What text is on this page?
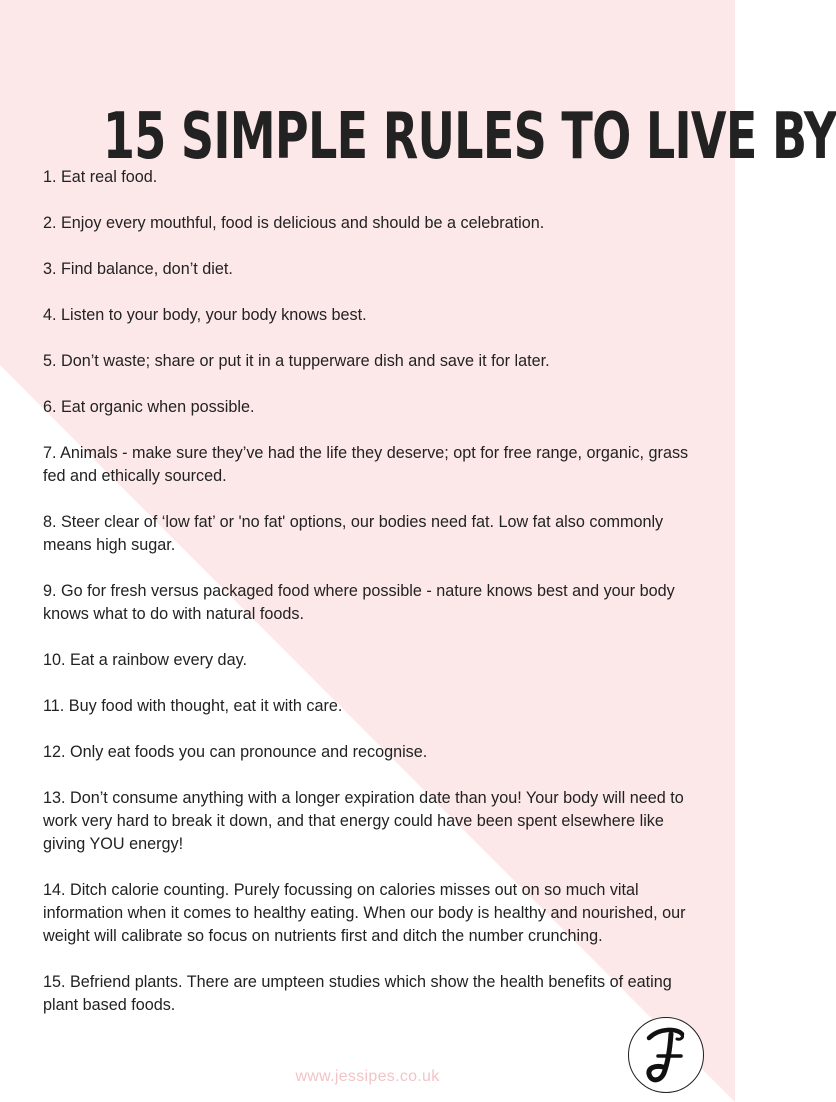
15 SIMPLE RULES TO LIVE BY
1. Eat real food.
2. Enjoy every mouthful, food is delicious and should be a celebration.
3. Find balance, don’t diet.
4. Listen to your body, your body knows best.
5. Don’t waste; share or put it in a tupperware dish and save it for later.
6. Eat organic when possible.
7. Animals - make sure they’ve had the life they deserve; opt for free range, organic, grass fed and ethically sourced.
8. Steer clear of ‘low fat’ or 'no fat' options, our bodies need fat. Low fat also commonly means high sugar.
9. Go for fresh versus packaged food where possible - nature knows best and your body knows what to do with natural foods.
10. Eat a rainbow every day.
11. Buy food with thought, eat it with care.
12. Only eat foods you can pronounce and recognise.
13. Don’t consume anything with a longer expiration date than you! Your body will need to work very hard to break it down, and that energy could have been spent elsewhere like giving YOU energy!
14. Ditch calorie counting. Purely focussing on calories misses out on so much vital information when it comes to healthy eating. When our body is healthy and nourished, our weight will calibrate so focus on nutrients first and ditch the number crunching.
15. Befriend plants. There are umpteen studies which show the health benefits of eating plant based foods.
www.jessipes.co.uk
